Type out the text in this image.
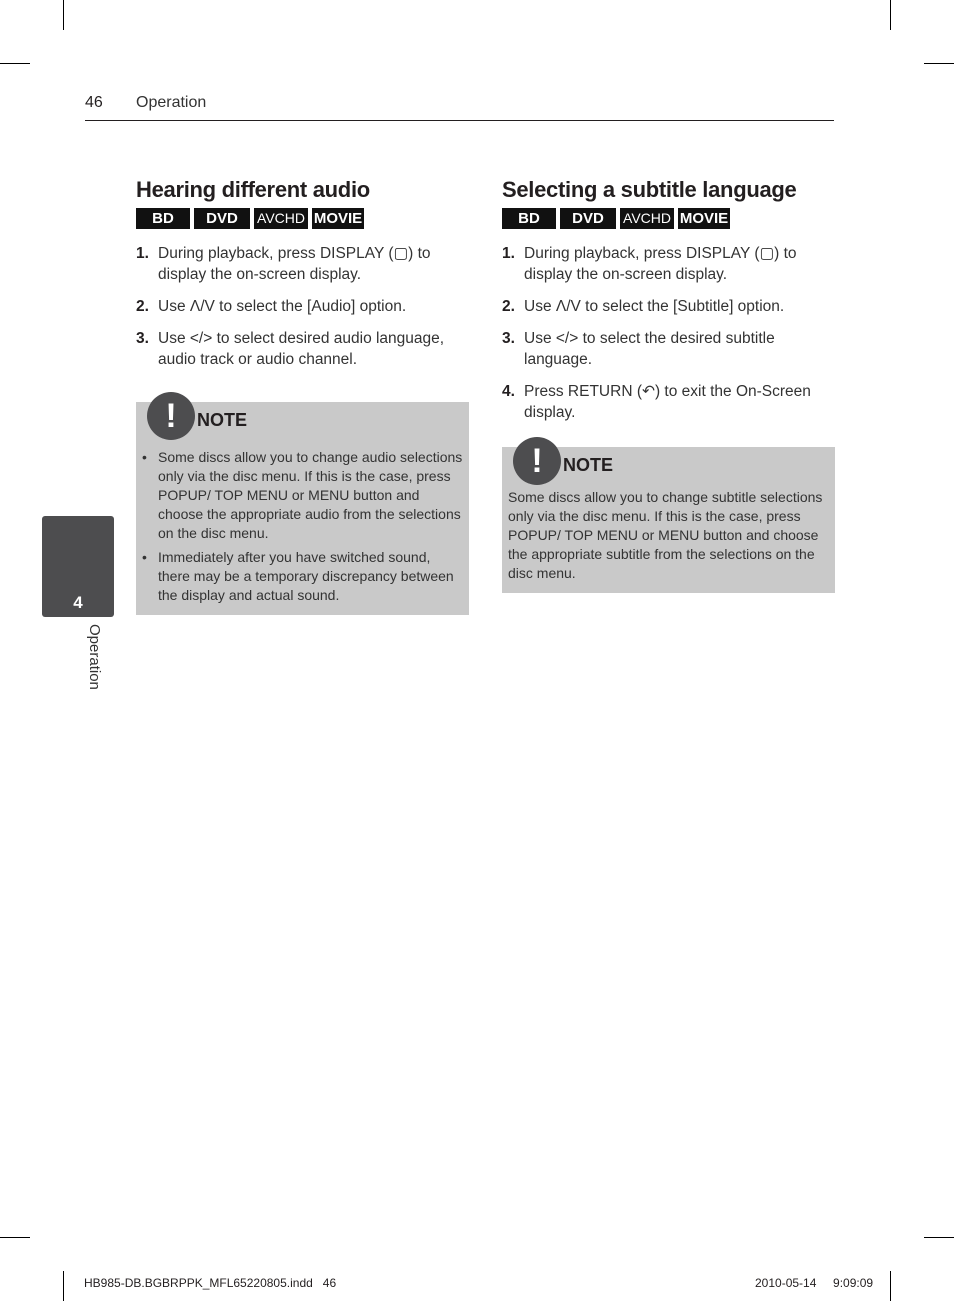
46 Operation
Hearing different audio
BD	DVD	AVCHD MOVIE
1. During playback, press DISPLAY (▢) to display the on-screen display.
2. Use Λ/V to select the [Audio] option.
3. Use </> to select desired audio language, audio track or audio channel.
!	NOTE
• Some discs allow you to change audio selections only via the disc menu. If this is the case, press POPUP/ TOP MENU or MENU button and choose the appropriate audio from the selections on the disc menu.
• Immediately after you have switched sound, there may be a temporary discrepancy between the display and actual sound.
Selecting a subtitle language
BD	DVD	AVCHD MOVIE
1. During playback, press DISPLAY (▢) to display the on-screen display.
2. Use Λ/V to select the [Subtitle] option.
3. Use </> to select the desired subtitle language.
4. Press RETURN (↶) to exit the On-Screen display.
!	NOTE
Some discs allow you to change subtitle selections only via the disc menu. If this is the case, press POPUP/ TOP MENU or MENU button and choose the appropriate subtitle from the selections on the disc menu.
4
Operation
HB985-DB.BGBRPPK_MFL65220805.indd   46	2010-05-14     9:09:09
